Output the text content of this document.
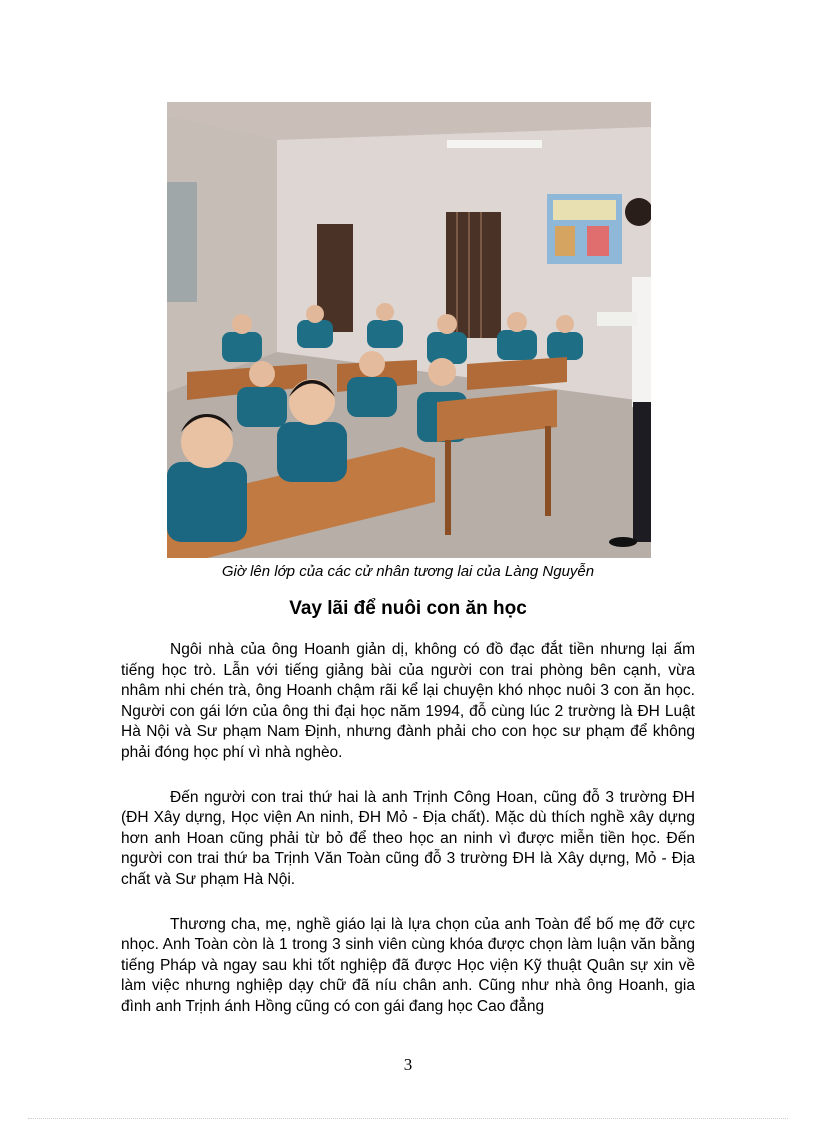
Giờ lên lớp của các cử nhân tương lai của Làng Nguyễn
Vay lãi để nuôi con ăn học

Ngôi nhà của ông Hoanh giản dị, không có đồ đạc đắt tiền nhưng lại ấm tiếng học trò. Lẫn với tiếng giảng bài của người con trai phòng bên cạnh, vừa nhâm nhi chén trà, ông Hoanh chậm rãi kể lại chuyện khó nhọc nuôi 3 con ăn học. Người con gái lớn của ông thi đại học năm 1994, đỗ cùng lúc 2 trường là ĐH Luật Hà Nội và Sư phạm Nam Định, nhưng đành phải cho con học sư phạm để không phải đóng học phí vì nhà nghèo.

Đến người con trai thứ hai là anh Trịnh Công Hoan, cũng đỗ 3 trường ĐH (ĐH Xây dựng, Học viện An ninh, ĐH Mỏ - Địa chất). Mặc dù thích nghề xây dựng hơn anh Hoan cũng phải từ bỏ để theo học an ninh vì được miễn tiền học. Đến người con trai thứ ba Trịnh Văn Toàn cũng đỗ 3 trường ĐH là Xây dựng, Mỏ - Địa chất và Sư phạm Hà Nội.

Thương cha, mẹ, nghề giáo lại là lựa chọn của anh Toàn để bố mẹ đỡ cực nhọc. Anh Toàn còn là 1 trong 3 sinh viên cùng khóa được chọn làm luận văn bằng tiếng Pháp và ngay sau khi tốt nghiệp đã được Học viện Kỹ thuật Quân sự xin về làm việc nhưng nghiệp dạy chữ đã níu chân anh. Cũng như nhà ông Hoanh, gia đình anh Trịnh ánh Hồng cũng có con gái đang học Cao đẳng

3
